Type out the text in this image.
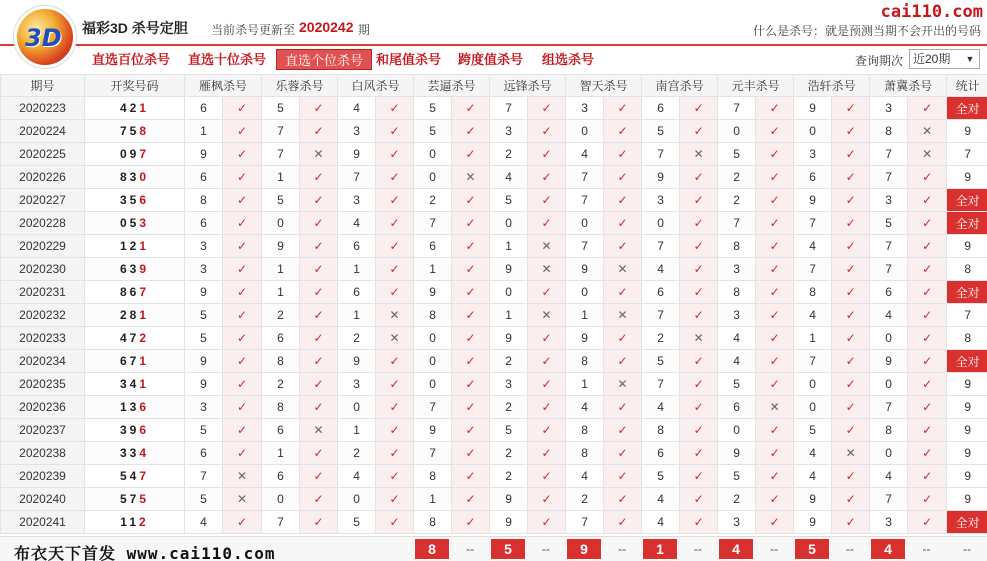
3D 福彩3D 杀号定胆 当前杀号更新至 2020242 期
cai110.com
什么是杀号：就是预测当期不会开出的号码
直选百位杀号 直选十位杀号	直选个位杀号 和尾值杀号 跨度值杀号 组选杀号	查询期次 近20期 ▼
期号	开奖号码	雁枫杀号		乐蓉杀号		白风杀号		芸逼杀号		远锋杀号		智天杀号		南宫杀号		元丰杀号		浩轩杀号		萧冀杀号		统计
2020223	421	6	✓	5	✓	4	✓	5	✓	7	✓	3	✓	6	✓	7	✓	9	✓	3	✓	全对
2020224	758	1	✓	7	✓	3	✓	5	✓	3	✓	0	✓	5	✓	0	✓	0	✓	8	✕	9
2020225	097	9	✓	7	✕	9	✓	0	✓	2	✓	4	✓	7	✕	5	✓	3	✓	7	✕	7
2020226	830	6	✓	1	✓	7	✓	0	✕	4	✓	7	✓	9	✓	2	✓	6	✓	7	✓	9
2020227	356	8	✓	5	✓	3	✓	2	✓	5	✓	7	✓	3	✓	2	✓	9	✓	3	✓	全对
2020228	053	6	✓	0	✓	4	✓	7	✓	0	✓	0	✓	0	✓	7	✓	7	✓	5	✓	全对
2020229	121	3	✓	9	✓	6	✓	6	✓	1	✕	7	✓	7	✓	8	✓	4	✓	7	✓	9
2020230	639	3	✓	1	✓	1	✓	1	✓	9	✕	9	✕	4	✓	3	✓	7	✓	7	✓	8
2020231	867	9	✓	1	✓	6	✓	9	✓	0	✓	0	✓	6	✓	8	✓	8	✓	6	✓	全对
2020232	281	5	✓	2	✓	1	✕	8	✓	1	✕	1	✕	7	✓	3	✓	4	✓	4	✓	7
2020233	472	5	✓	6	✓	2	✕	0	✓	9	✓	9	✓	2	✕	4	✓	1	✓	0	✓	8
2020234	671	9	✓	8	✓	9	✓	0	✓	2	✓	8	✓	5	✓	4	✓	7	✓	9	✓	全对
2020235	341	9	✓	2	✓	3	✓	0	✓	3	✓	1	✕	7	✓	5	✓	0	✓	0	✓	9
2020236	136	3	✓	8	✓	0	✓	7	✓	2	✓	4	✓	4	✓	6	✕	0	✓	7	✓	9
2020237	396	5	✓	6	✕	1	✓	9	✓	5	✓	8	✓	8	✓	0	✓	5	✓	8	✓	9
2020238	334	6	✓	1	✓	2	✓	7	✓	2	✓	8	✓	6	✓	9	✓	4	✕	0	✓	9
2020239	547	7	✕	6	✓	4	✓	8	✓	2	✓	4	✓	5	✓	5	✓	4	✓	4	✓	9
2020240	575	5	✕	0	✓	0	✓	1	✓	9	✓	2	✓	4	✓	2	✓	9	✓	7	✓	9
2020241	112	4	✓	7	✓	5	✓	8	✓	9	✓	7	✓	4	✓	3	✓	9	✓	3	✓	全对
布衣天下首发 www.cai110.com	8	--	5	--	9	--	1	--	4	--	5	--	4	--	--
